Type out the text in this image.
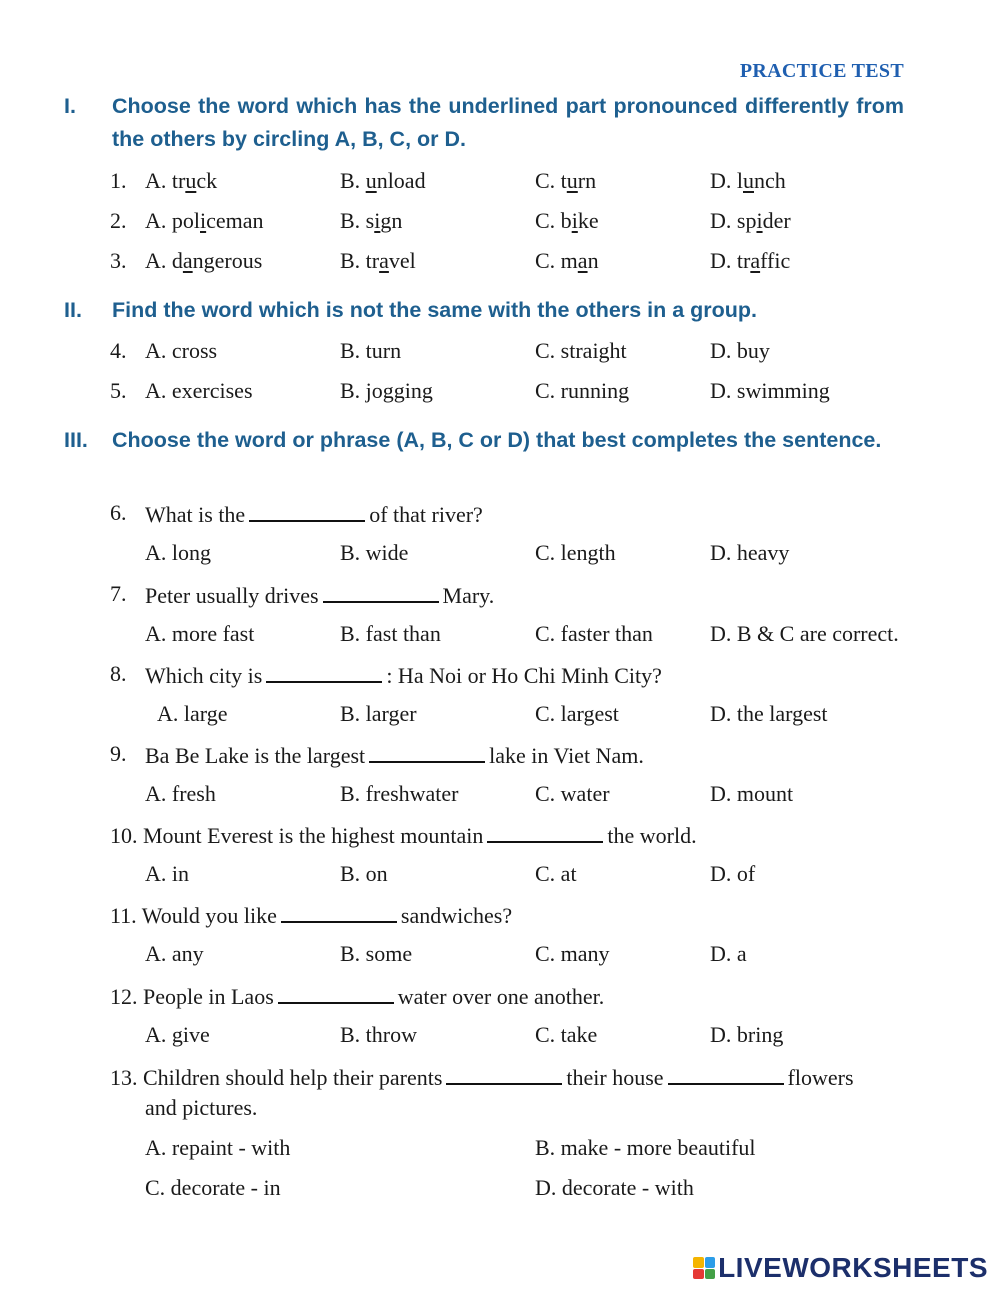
PRACTICE TEST
I. Choose the word which has the underlined part pronounced differently from the others by circling A, B, C, or D.
1. A. truck	B. unload	C. turn	D. lunch
2. A. policeman	B. sign	C. bike	D. spider
3. A. dangerous	B. travel	C. man	D. traffic
II. Find the word which is not the same with the others in a group.
4. A. cross	B. turn	C. straight	D. buy
5. A. exercises	B. jogging	C. running	D. swimming
III. Choose the word or phrase (A, B, C or D) that best completes the sentence.
6. What is the	of that river?
A. long	B. wide	C. length	D. heavy
7. Peter usually drives	Mary.
A. more fast	B. fast than	C. faster than	D. B & C are correct.
8. Which city is	: Ha Noi or Ho Chi Minh City?
A. large	B. larger	C. largest	D. the largest
9. Ba Be Lake is the largest	lake in Viet Nam.
A. fresh	B. freshwater	C. water	D. mount
10. Mount Everest is the highest mountain	the world.
A. in	B. on	C. at	D. of
11. Would you like	sandwiches?
A. any	B. some	C. many	D. a
12. People in Laos	water over one another.
A. give	B. throw	C. take	D. bring
13. Children should help their parents	their house	flowers
and pictures.
A. repaint - with	B. make - more beautiful
C. decorate - in	D. decorate - with
LIVEWORKSHEETS
